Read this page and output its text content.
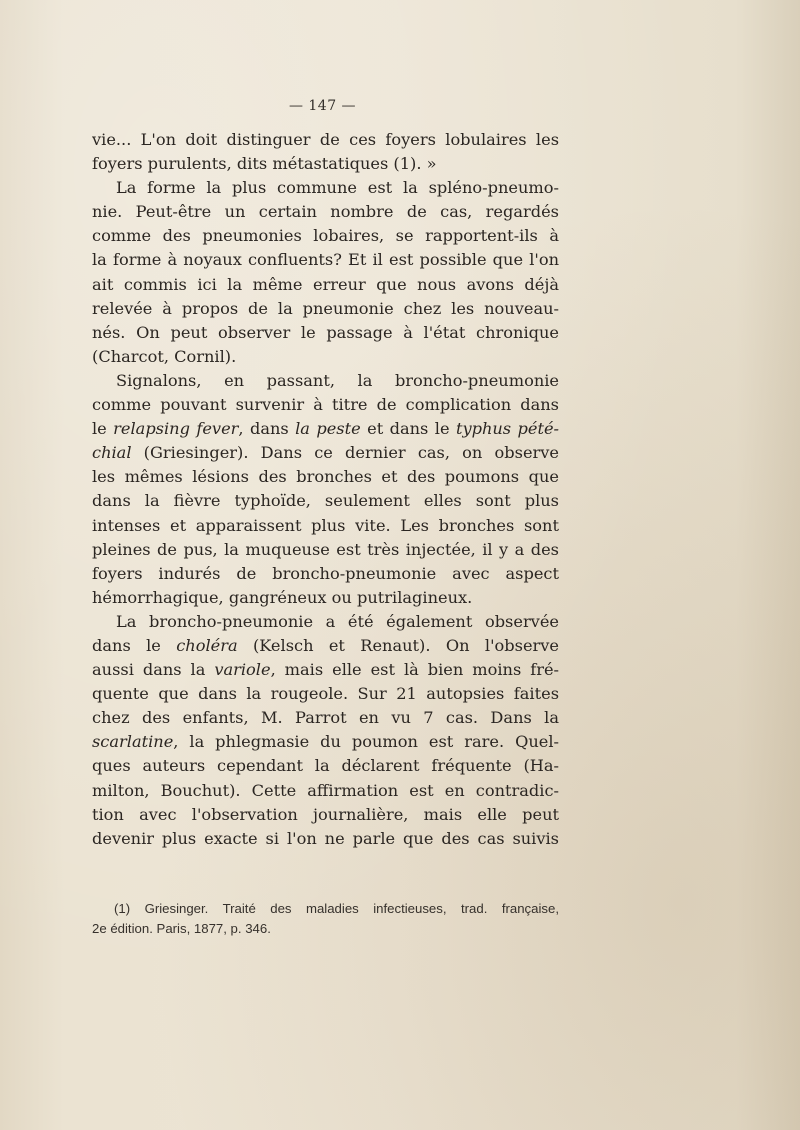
— 147 —
vie... L'on doit distinguer de ces foyers lobulaires les
foyers purulents, dits métastatiques (1). »
La forme la plus commune est la spléno-pneumo-
nie. Peut-être un certain nombre de cas, regardés
comme des pneumonies lobaires, se rapportent-ils à
la forme à noyaux confluents? Et il est possible que l'on
ait commis ici la même erreur que nous avons déjà
relevée à propos de la pneumonie chez les nouveau-
nés. On peut observer le passage à l'état chronique
(Charcot, Cornil).
Signalons, en passant, la broncho-pneumonie
comme pouvant survenir à titre de complication dans
le relapsing fever, dans la peste et dans le typhus pété-
chial (Griesinger). Dans ce dernier cas, on observe
les mêmes lésions des bronches et des poumons que
dans la fièvre typhoïde, seulement elles sont plus
intenses et apparaissent plus vite. Les bronches sont
pleines de pus, la muqueuse est très injectée, il y a des
foyers indurés de broncho-pneumonie avec aspect
hémorrhagique, gangréneux ou putrilagineux.
La broncho-pneumonie a été également observée
dans le choléra (Kelsch et Renaut). On l'observe
aussi dans la variole, mais elle est là bien moins fré-
quente que dans la rougeole. Sur 21 autopsies faites
chez des enfants, M. Parrot en vu 7 cas. Dans la
scarlatine, la phlegmasie du poumon est rare. Quel-
ques auteurs cependant la déclarent fréquente (Ha-
milton, Bouchut). Cette affirmation est en contradic-
tion avec l'observation journalière, mais elle peut
devenir plus exacte si l'on ne parle que des cas suivis
(1) Griesinger. Traité des maladies infectieuses, trad. française,
2e édition. Paris, 1877, p. 346.
